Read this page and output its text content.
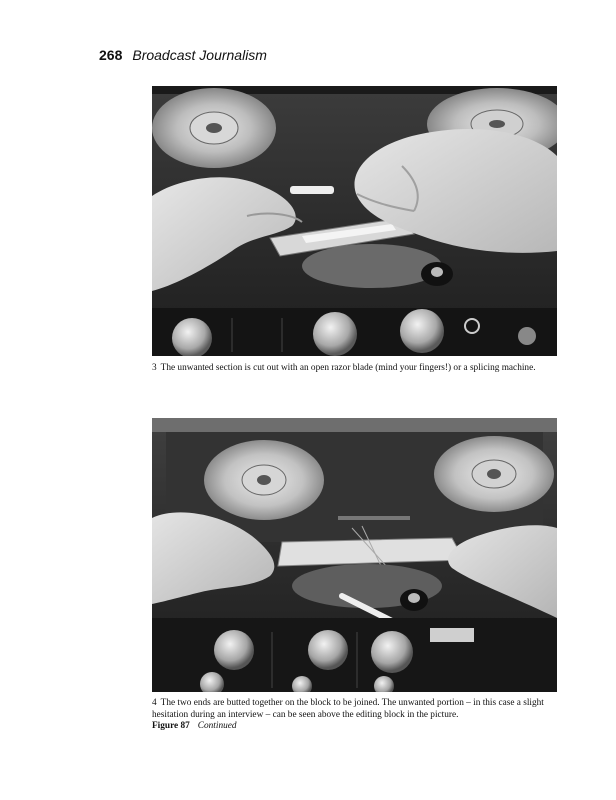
268 Broadcast Journalism
3 The unwanted section is cut out with an open razor blade (mind your fingers!) or a splicing machine.
4 The two ends are butted together on the block to be joined. The unwanted portion – in this case a slight hesitation during an interview – can be seen above the editing block in the picture.
Figure 87 Continued
